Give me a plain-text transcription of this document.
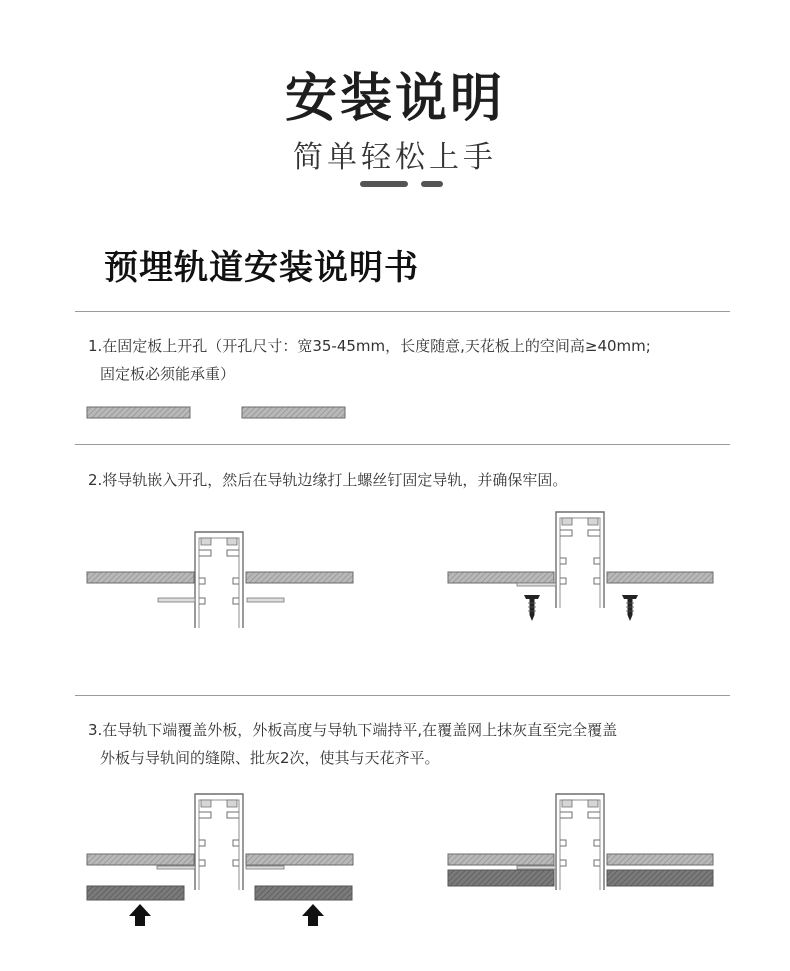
安装说明
简单轻松上手
预埋轨道安装说明书
1.在固定板上开孔（开孔尺寸：宽35-45mm，长度随意,天花板上的空间高≥40mm;
固定板必须能承重）
2.将导轨嵌入开孔，然后在导轨边缘打上螺丝钉固定导轨，并确保牢固。
3.在导轨下端覆盖外板，外板高度与导轨下端持平,在覆盖网上抹灰直至完全覆盖
外板与导轨间的缝隙、批灰2次，使其与天花齐平。
